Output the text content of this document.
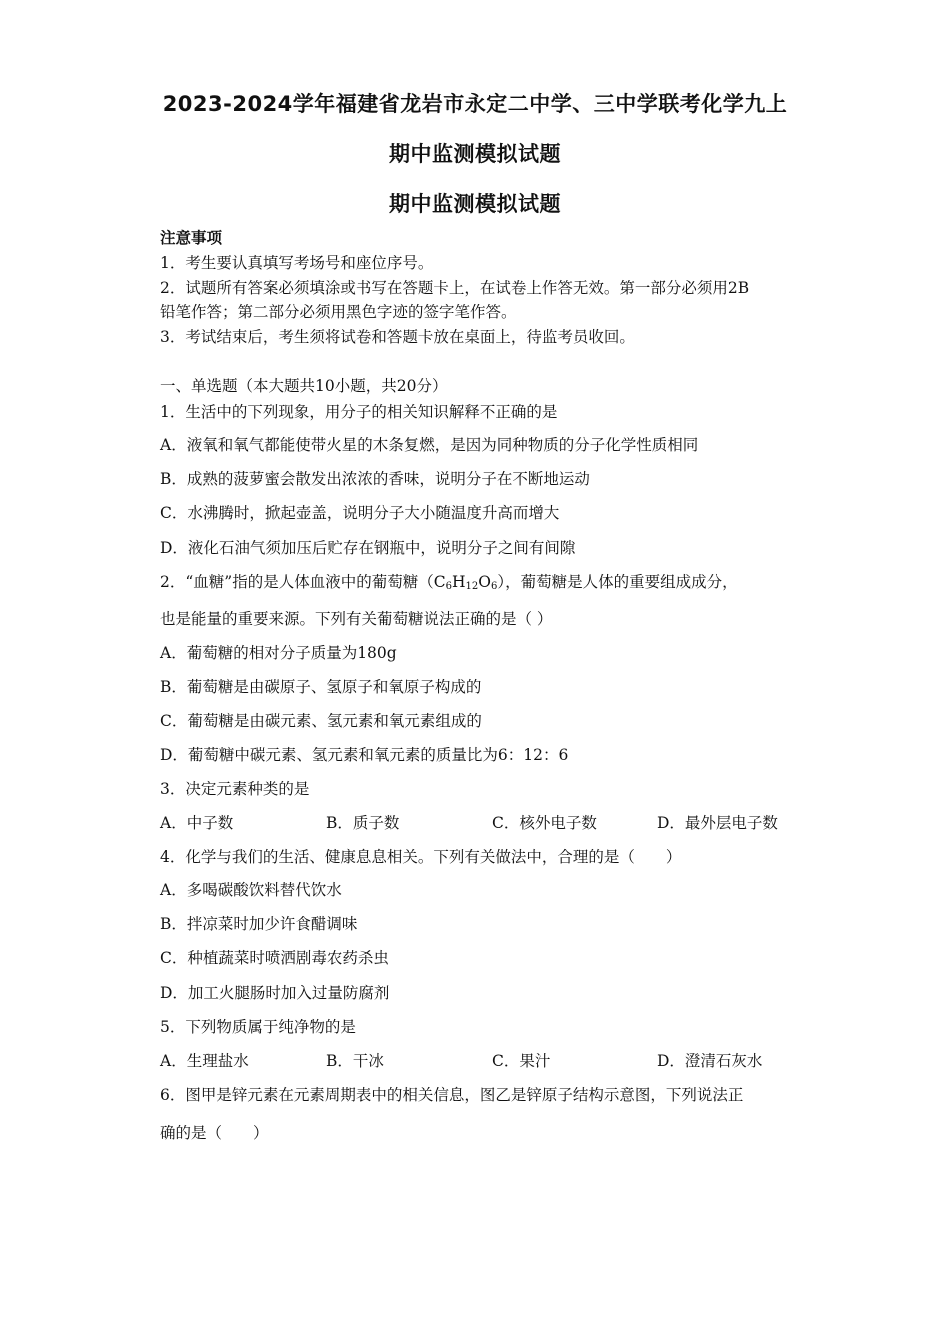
2023-2024学年福建省龙岩市永定二中学、三中学联考化学九上
期中监测模拟试题
期中监测模拟试题
注意事项
1．考生要认真填写考场号和座位序号。
2．试题所有答案必须填涂或书写在答题卡上，在试卷上作答无效。第一部分必须用2B
铅笔作答；第二部分必须用黑色字迹的签字笔作答。
3．考试结束后，考生须将试卷和答题卡放在桌面上，待监考员收回。
一、单选题（本大题共10小题，共20分）
1．生活中的下列现象，用分子的相关知识解释不正确的是
A．液氧和氧气都能使带火星的木条复燃，是因为同种物质的分子化学性质相同
B．成熟的菠萝蜜会散发出浓浓的香味，说明分子在不断地运动
C．水沸腾时，掀起壶盖，说明分子大小随温度升高而增大
D．液化石油气须加压后贮存在钢瓶中，说明分子之间有间隙
2．“血糖”指的是人体血液中的葡萄糖$(C_6H_{12}O_6)$，葡萄糖是人体的重要组成成分，
也是能量的重要来源。下列有关葡萄糖说法正确的是（ ）
A．葡萄糖的相对分子质量为180g
B．葡萄糖是由碳原子、氢原子和氧原子构成的
C．葡萄糖是由碳元素、氢元素和氧元素组成的
D．葡萄糖中碳元素、氢元素和氧元素的质量比为6：12：6
3．决定元素种类的是
A．中子数	B．质子数	C．核外电子数	D．最外层电子数
4．化学与我们的生活、健康息息相关。下列有关做法中，合理的是（　　）
A．多喝碳酸饮料替代饮水
B．拌凉菜时加少许食醋调味
C．种植蔬菜时喷洒剧毒农药杀虫
D．加工火腿肠时加入过量防腐剂
5．下列物质属于纯净物的是
A．生理盐水	B．干冰	C．果汁	D．澄清石灰水
6．图甲是锌元素在元素周期表中的相关信息，图乙是锌原子结构示意图，下列说法正
确的是（　　）
